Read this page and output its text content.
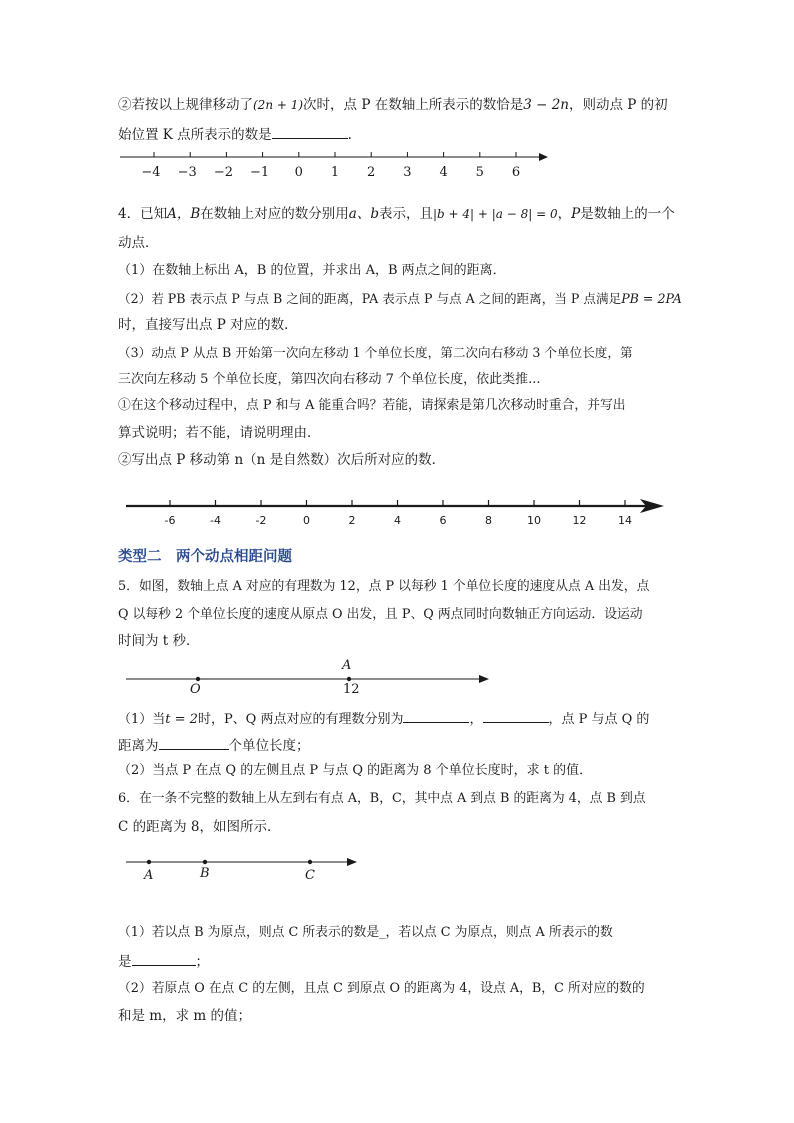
②若按以上规律移动了(2n + 1)次时，点 P 在数轴上所表示的数恰是3 − 2n，则动点 P 的初
始位置 K 点所表示的数是	.
−4 −3 −2 −1 0 1 2 3 4 5 6
4．已知A，B在数轴上对应的数分别用a、b表示，且|b + 4| + |a − 8| = 0，P是数轴上的一个
动点．
（1）在数轴上标出 A，B 的位置，并求出 A，B 两点之间的距离．
（2）若 PB 表示点 P 与点 B 之间的距离，PA 表示点 P 与点 A 之间的距离，当 P 点满足PB = 2PA
时，直接写出点 P 对应的数．
（3）动点 P 从点 B 开始第一次向左移动 1 个单位长度，第二次向右移动 3 个单位长度，第
三次向左移动 5 个单位长度，第四次向右移动 7 个单位长度，依此类推...
①在这个移动过程中，点 P 和与 A 能重合吗？若能，请探索是第几次移动时重合，并写出
算式说明；若不能，请说明理由．
②写出点 P 移动第 n（n 是自然数）次后所对应的数．
-6	-4	-2	0	2	4	6	8	10	12	14
类型二　两个动点相距问题
5．如图，数轴上点 A 对应的有理数为 12，点 P 以每秒 1 个单位长度的速度从点 A 出发，点
Q 以每秒 2 个单位长度的速度从原点 O 出发，且 P、Q 两点同时向数轴正方向运动．设运动
时间为 t 秒．
O
A
12
（1）当t = 2时，P、Q 两点对应的有理数分别为	，	，点 P 与点 Q 的
距离为	个单位长度；
（2）当点 P 在点 Q 的左侧且点 P 与点 Q 的距离为 8 个单位长度时，求 t 的值．
6．在一条不完整的数轴上从左到右有点 A，B，C，其中点 A 到点 B 的距离为 4，点 B 到点
C 的距离为 8，如图所示．
A	B	C
（1）若以点 B 为原点，则点 C 所表示的数是_，若以点 C 为原点，则点 A 所表示的数
是	；
（2）若原点 O 在点 C 的左侧，且点 C 到原点 O 的距离为 4，设点 A，B，C 所对应的数的
和是 m，求 m 的值；
